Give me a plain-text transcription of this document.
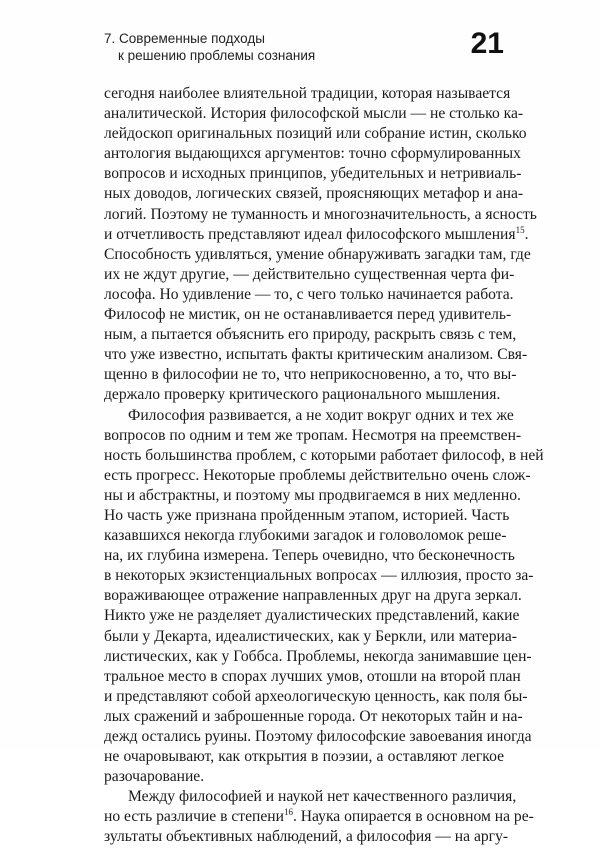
7. Современные подходы
к решению проблемы сознания	21
сегодня наиболее влиятельной традиции, которая называется
аналитической. История философской мысли — не столько ка-
лейдоскоп оригинальных позиций или собрание истин, сколько
антология выдающихся аргументов: точно сформулированных
вопросов и исходных принципов, убедительных и нетривиаль-
ных доводов, логических связей, проясняющих метафор и ана-
логий. Поэтому не туманность и многозначительность, а ясность
и отчетливость представляют идеал философского мышления$^{15}$.
Способность удивляться, умение обнаруживать загадки там, где
их не ждут другие, — действительно существенная черта фи-
лософа. Но удивление — то, с чего только начинается работа.
Философ не мистик, он не останавливается перед удивитель-
ным, а пытается объяснить его природу, раскрыть связь с тем,
что уже известно, испытать факты критическим анализом. Свя-
щенно в философии не то, что неприкосновенно, а то, что вы-
держало проверку критического рационального мышления.
Философия развивается, а не ходит вокруг одних и тех же
вопросов по одним и тем же тропам. Несмотря на преемствен-
ность большинства проблем, с которыми работает философ, в ней
есть прогресс. Некоторые проблемы действительно очень слож-
ны и абстрактны, и поэтому мы продвигаемся в них медленно.
Но часть уже признана пройденным этапом, историей. Часть
казавшихся некогда глубокими загадок и головоломок реше-
на, их глубина измерена. Теперь очевидно, что бесконечность
в некоторых экзистенциальных вопросах — иллюзия, просто за-
вораживающее отражение направленных друг на друга зеркал.
Никто уже не разделяет дуалистических представлений, какие
были у Декарта, идеалистических, как у Беркли, или материа-
листических, как у Гоббса. Проблемы, некогда занимавшие цен-
тральное место в спорах лучших умов, отошли на второй план
и представляют собой археологическую ценность, как поля бы-
лых сражений и заброшенные города. От некоторых тайн и на-
дежд остались руины. Поэтому философские завоевания иногда
не очаровывают, как открытия в поэзии, а оставляют легкое
разочарование.
Между философией и наукой нет качественного различия,
но есть различие в степени$^{16}$. Наука опирается в основном на ре-
зультаты объективных наблюдений, а философия — на аргу-
